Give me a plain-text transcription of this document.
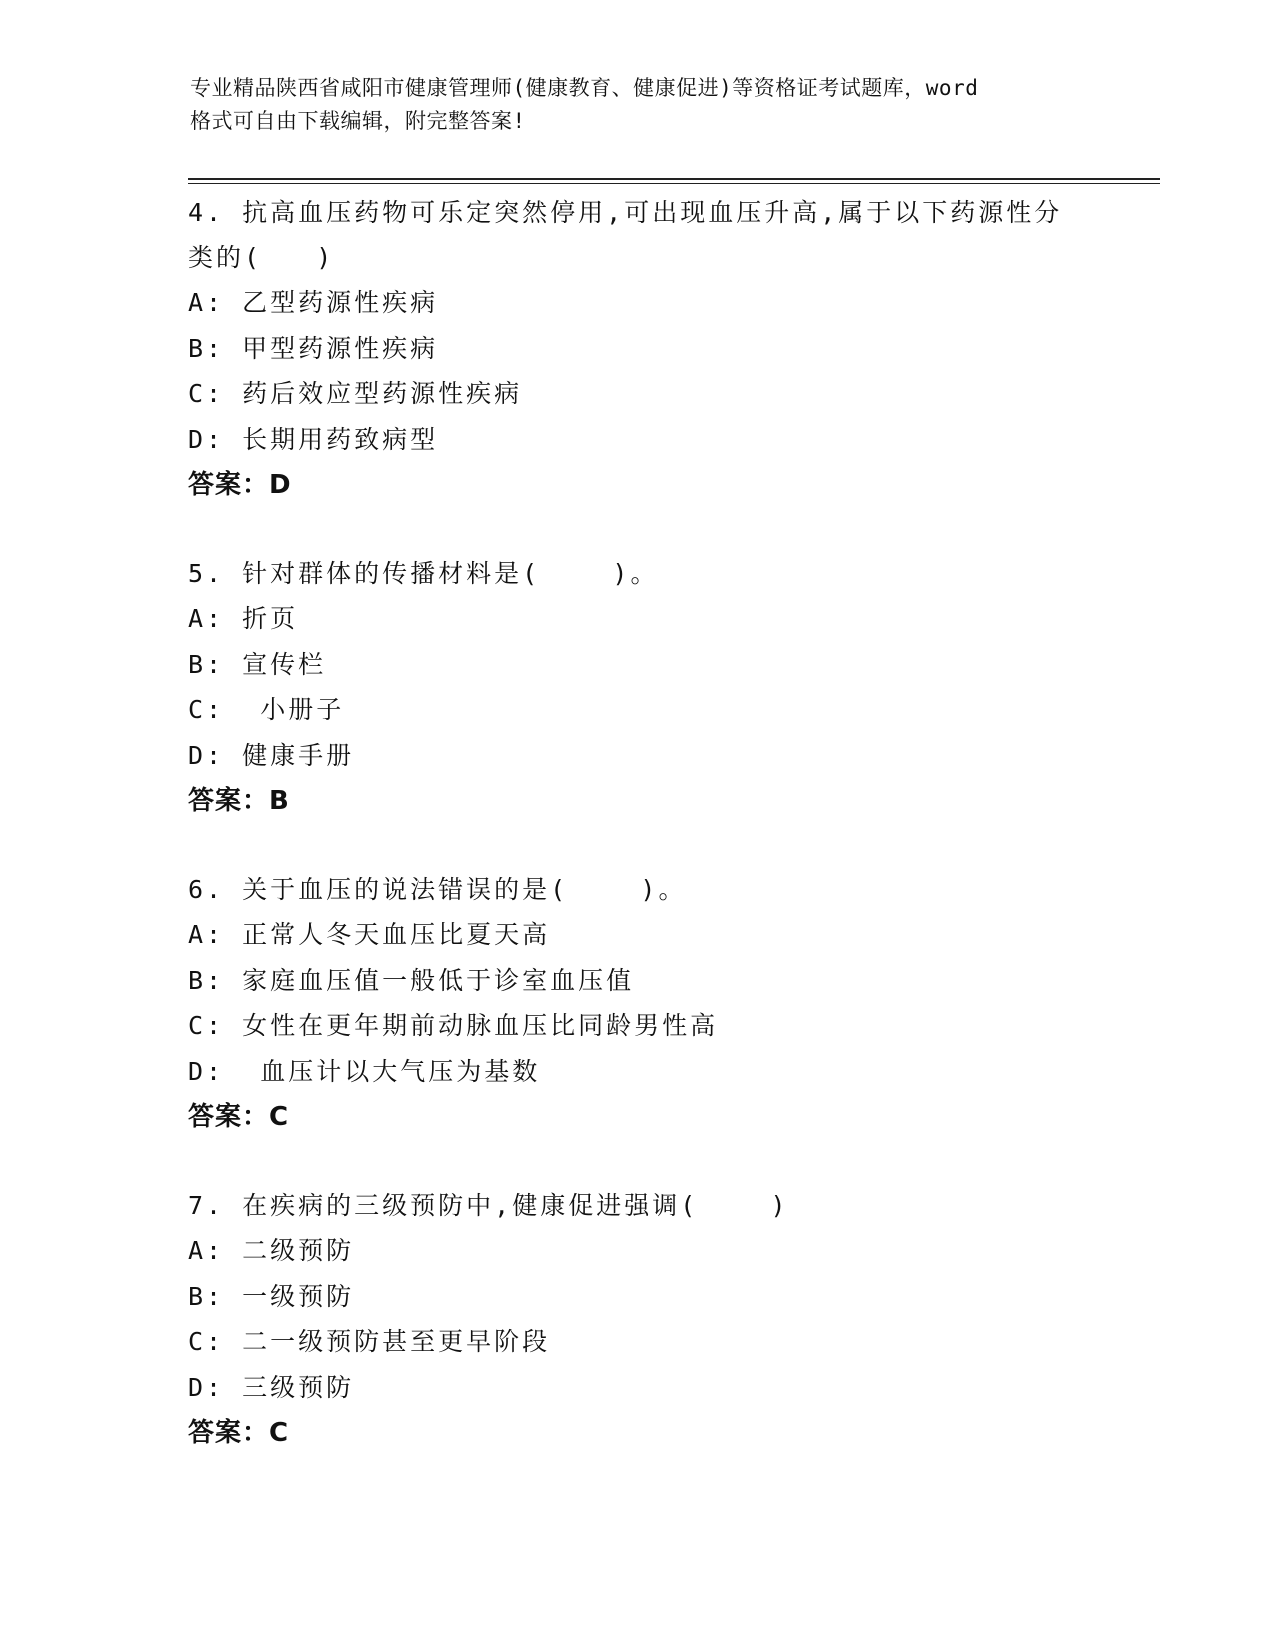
专业精品陕西省咸阳市健康管理师(健康教育、健康促进)等资格证考试题库，word
格式可自由下载编辑，附完整答案!
4. 抗高血压药物可乐定突然停用,可出现血压升高,属于以下药源性分
类的(   )
A: 乙型药源性疾病
B: 甲型药源性疾病
C: 药后效应型药源性疾病
D: 长期用药致病型
答案：D
5. 针对群体的传播材料是(    )。
A: 折页
B: 宣传栏
C:  小册子
D: 健康手册
答案：B
6. 关于血压的说法错误的是(    )。
A: 正常人冬天血压比夏天高
B: 家庭血压值一般低于诊室血压值
C: 女性在更年期前动脉血压比同龄男性高
D:  血压计以大气压为基数
答案：C
7. 在疾病的三级预防中,健康促进强调(    )
A: 二级预防
B: 一级预防
C: 二一级预防甚至更早阶段
D: 三级预防
答案：C
